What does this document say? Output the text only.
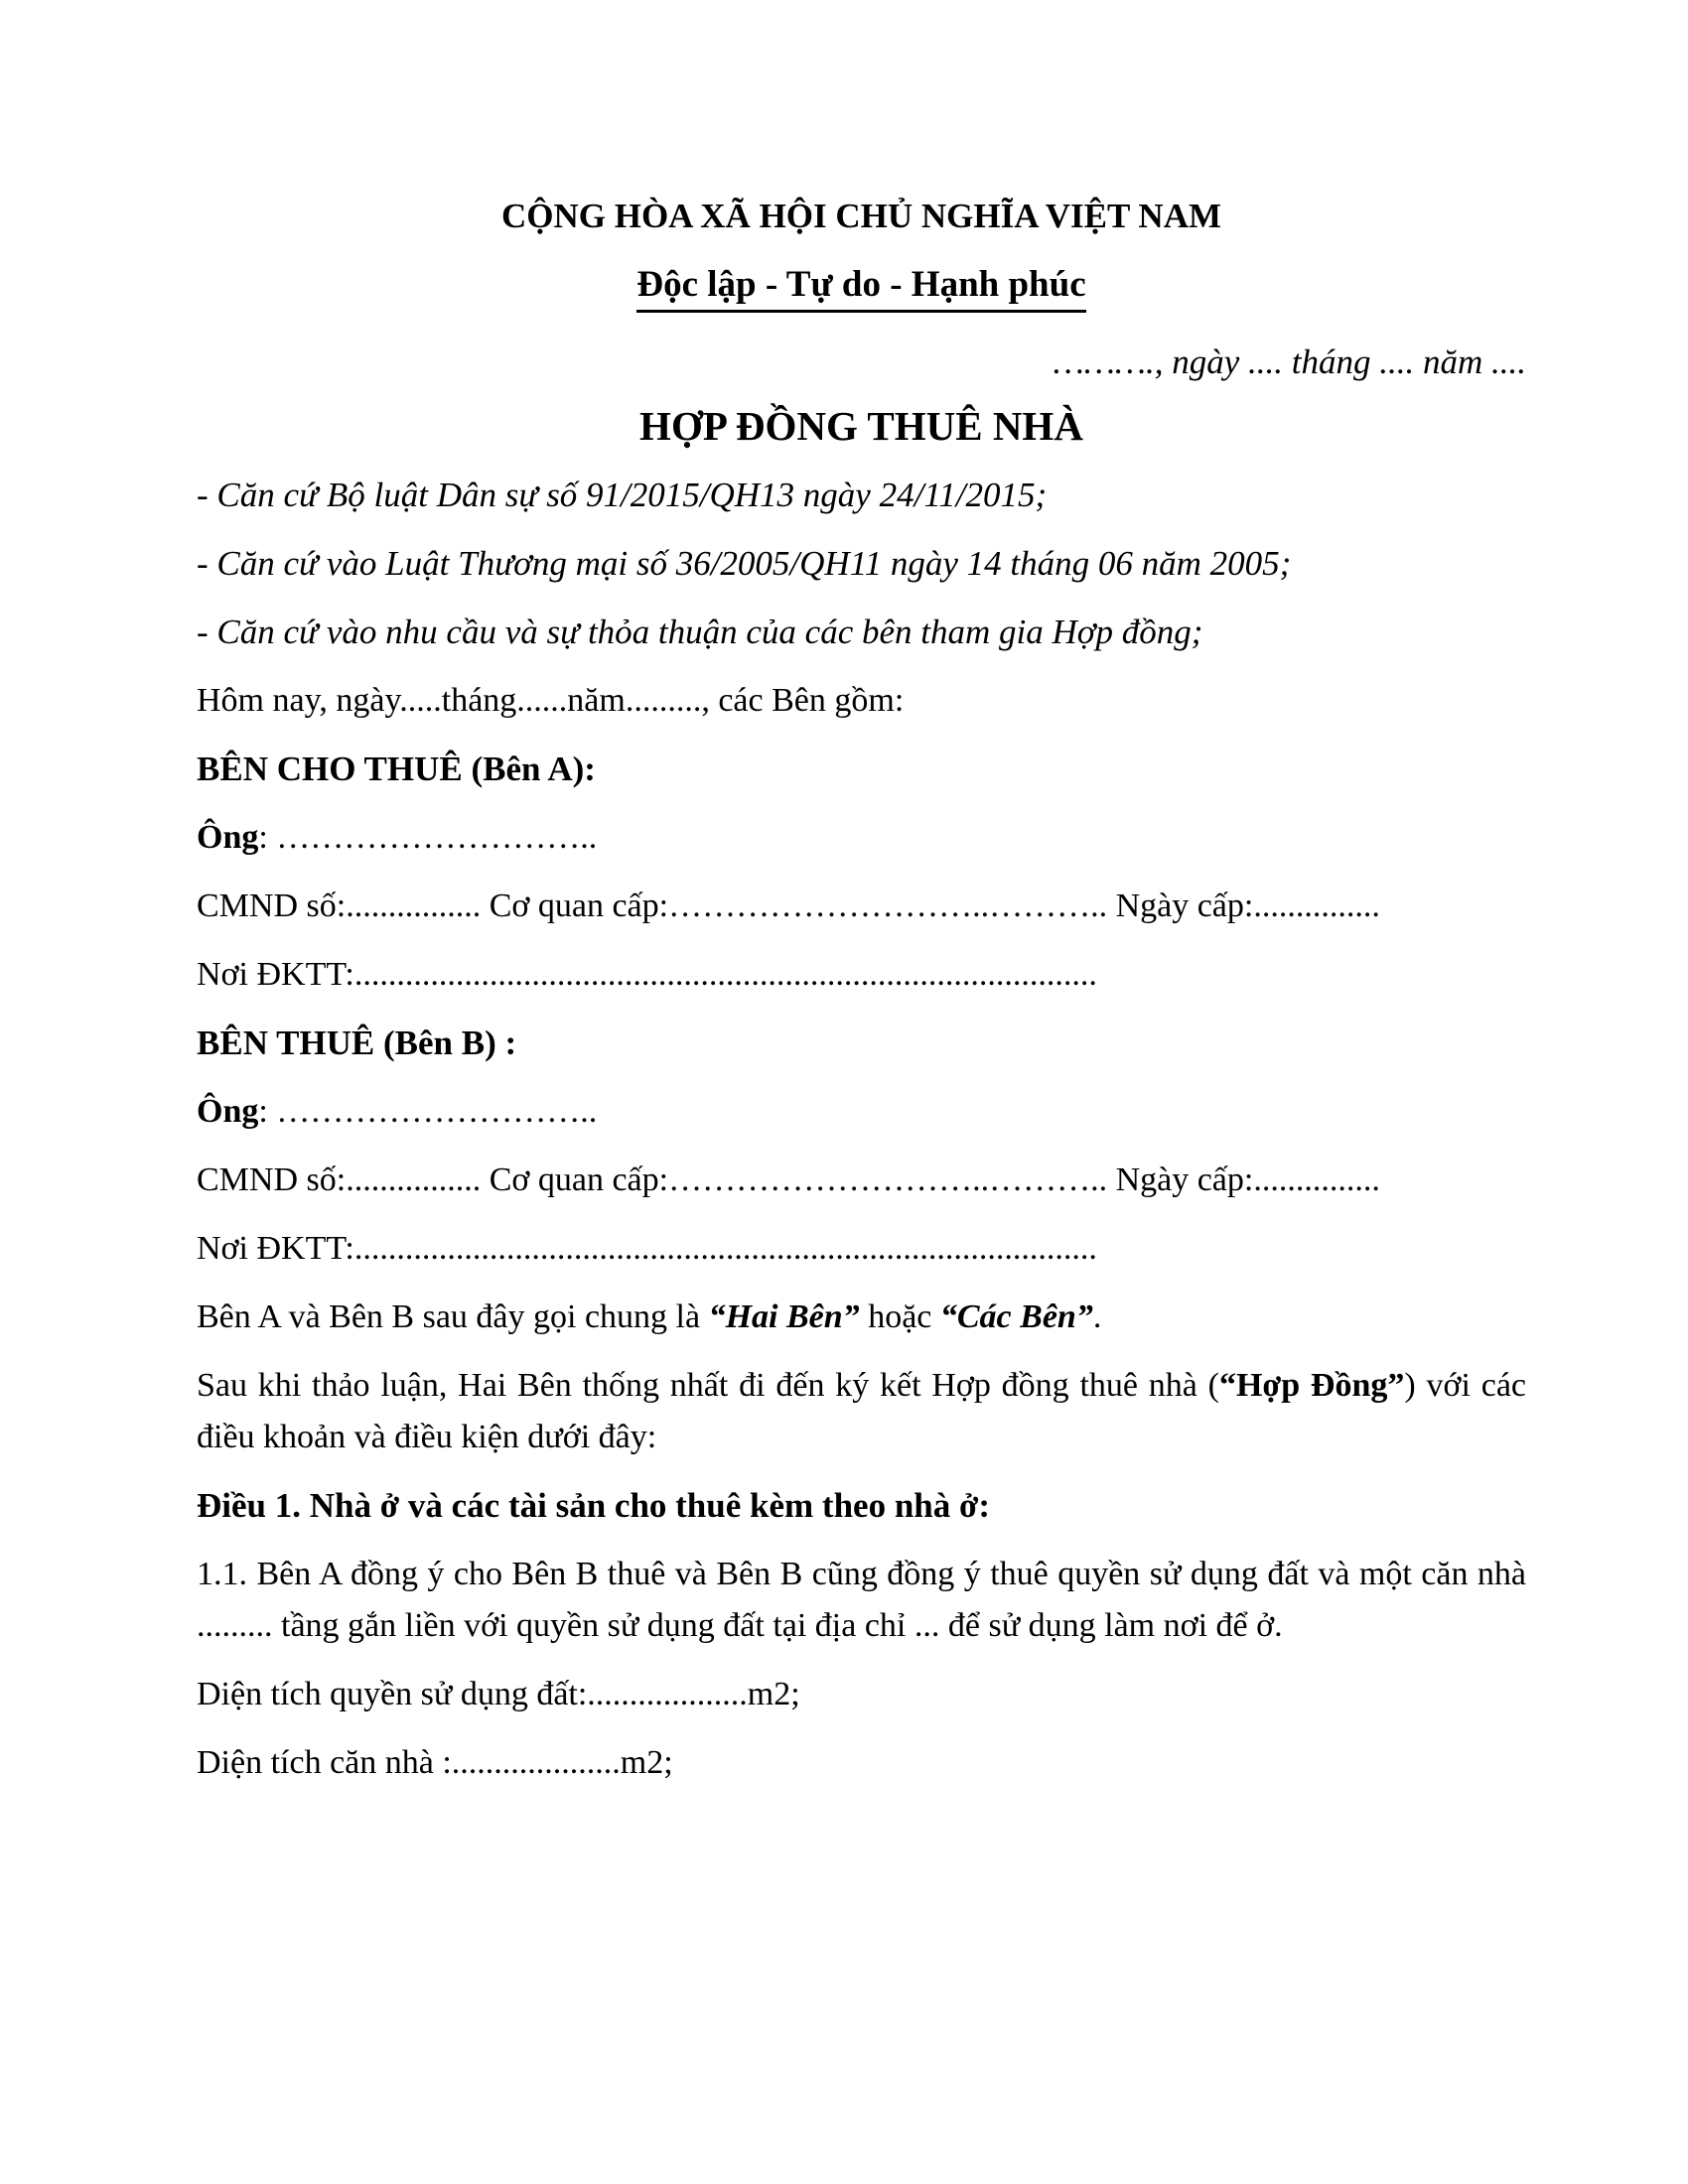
CỘNG HÒA XÃ HỘI CHỦ NGHĨA VIỆT NAM
Độc lập - Tự do - Hạnh phúc
………., ngày .... tháng .... năm ....
HỢP ĐỒNG THUÊ NHÀ
- Căn cứ Bộ luật Dân sự số 91/2015/QH13 ngày 24/11/2015;
- Căn cứ vào Luật Thương mại số 36/2005/QH11 ngày 14 tháng 06 năm 2005;
- Căn cứ vào nhu cầu và sự thỏa thuận của các bên tham gia Hợp đồng;
Hôm nay, ngày.....tháng......năm........., các Bên gồm:
BÊN CHO THUÊ (Bên A):
Ông: ………………………..
CMND số:................ Cơ quan cấp:………………………..……….. Ngày cấp:...............
Nơi ĐKTT:........................................................................................
BÊN THUÊ (Bên B) :
Ông: ………………………..
CMND số:................ Cơ quan cấp:………………………..……….. Ngày cấp:...............
Nơi ĐKTT:........................................................................................
Bên A và Bên B sau đây gọi chung là “Hai Bên” hoặc “Các Bên”.
Sau khi thảo luận, Hai Bên thống nhất đi đến ký kết Hợp đồng thuê nhà (“Hợp Đồng”) với các điều khoản và điều kiện dưới đây:
Điều 1. Nhà ở và các tài sản cho thuê kèm theo nhà ở:
1.1. Bên A đồng ý cho Bên B thuê và Bên B cũng đồng ý thuê quyền sử dụng đất và một căn nhà ......... tầng gắn liền với quyền sử dụng đất tại địa chỉ ... để sử dụng làm nơi để ở.
Diện tích quyền sử dụng đất:...................m2;
Diện tích căn nhà :....................m2;
